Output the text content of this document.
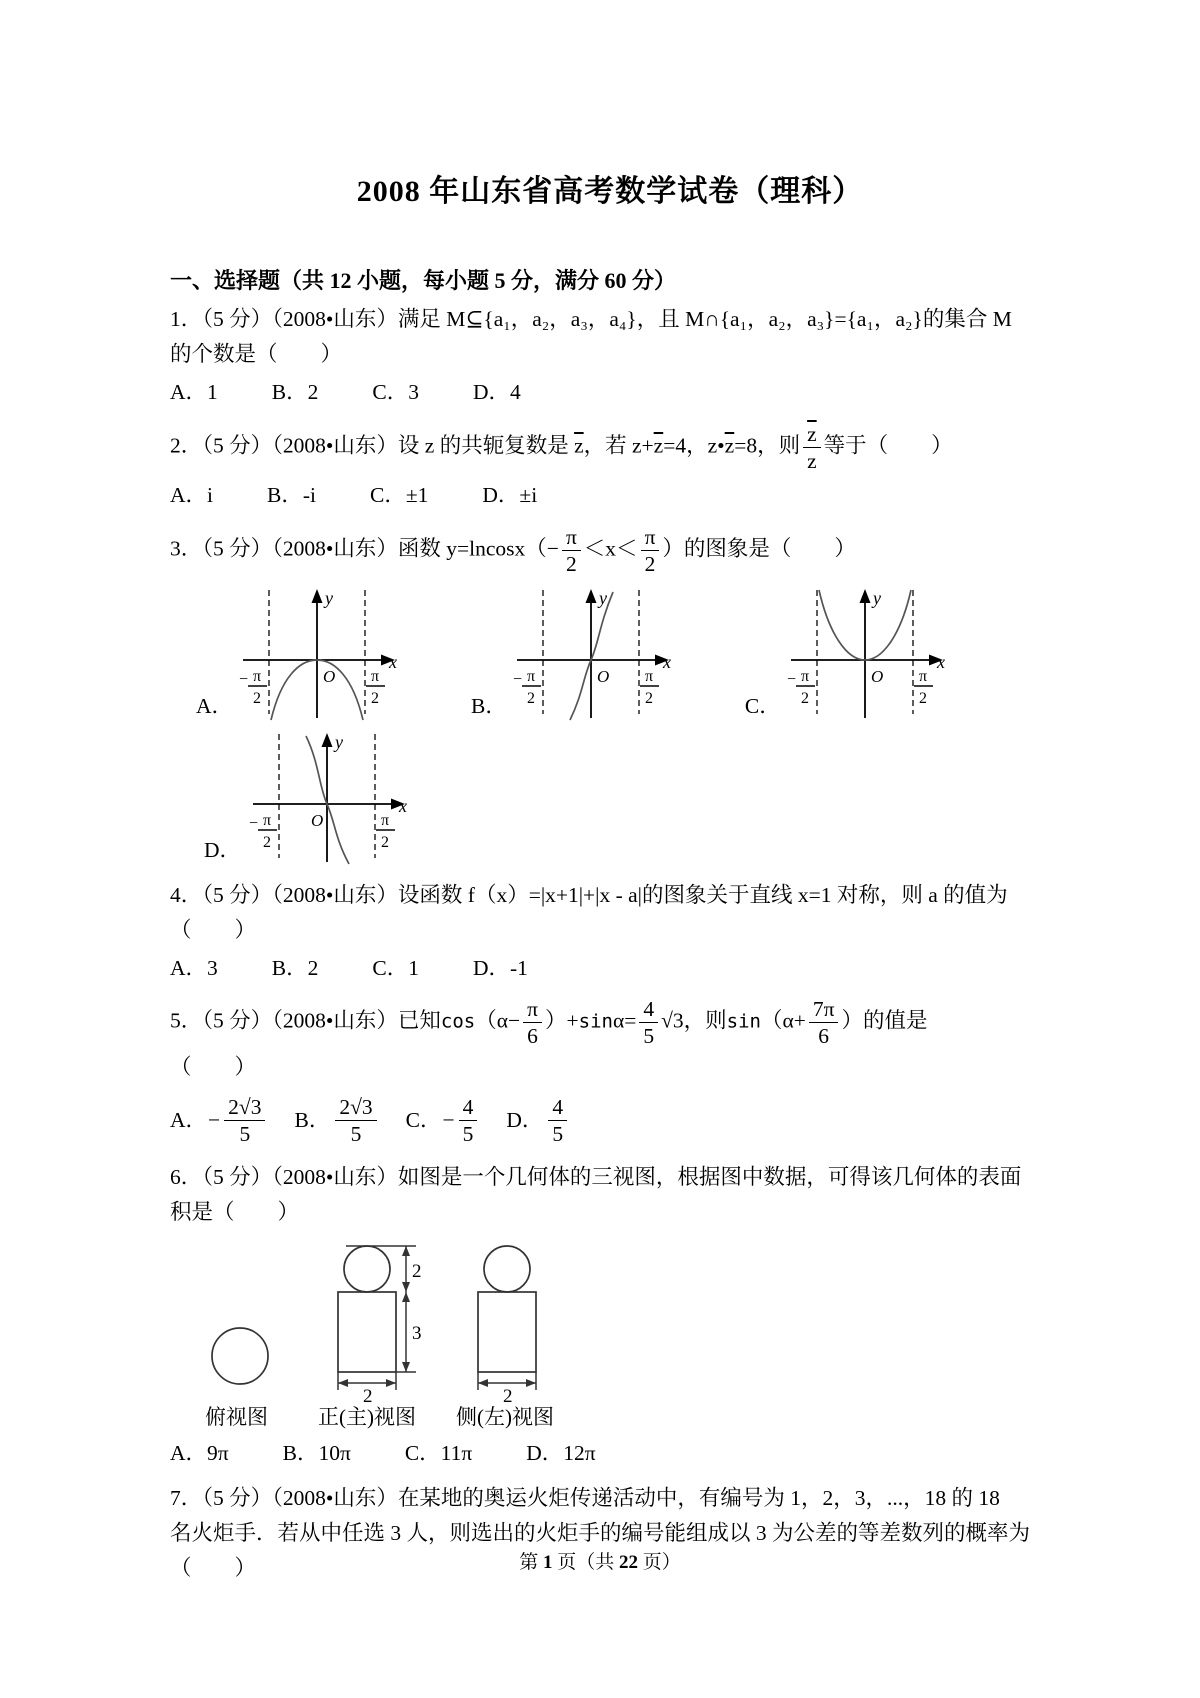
2008 年山东省高考数学试卷（理科）

一、选择题（共 12 小题，每小题 5 分，满分 60 分）

1．（5 分）（2008•山东）满足 M⊆{a₁，a₂，a₃，a₄}，且 M∩{a₁，a₂，a₃}={a₁，a₂}的集合 M

的个数是（　　）

A．1	B．2	C．3	D．4

2．（5 分）（2008•山东）设 z 的共轭复数是 $\overline{z}$，若 $z+\overline{z}=4$，$z•\overline{z}=8$，则 $\frac{\overline{z}}{z}$ 等于（　　）

A．i	B．-i	C．±1	D．±i

3．（5 分）（2008•山东）函数 $y=lncosx(- \frac{\pi}{2} <x< \frac{\pi}{2}$ ）的图象是（　　）

A．
y
x
O
− π
2
π
2	B．
y
x
O
− π
2
π
2	C．
y
x
O
− π
2
π
2
D．
y
x
O
− π
2
π
2

4．（5 分）（2008•山东）设函数 f（x）=|x+1|+|x - a|的图象关于直线 x=1 对称，则 a 的值为

（　　）

A．3	B．2	C．1	D．-1

5．（5 分）（2008•山东）已知$\cos(\alpha- \frac{\pi}{6} )+\sin\alpha= \frac{4}{5} √3$，则$\sin(\alpha+ \frac{7\pi}{6}$ ）的值是

（　　）

A． − $\frac{2√3}{5}$ B． $\frac{2√3}{5}$ C． − $\frac{4}{5}$ D． $\frac{4}{5}$

6．（5 分）（2008•山东）如图是一个几何体的三视图，根据图中数据，可得该几何体的表面

积是（　　）

2
3
2	2
俯视图 正(主)视图 侧(左)视图

A．9π	B．10π	C．11π	D．12π

7．（5 分）（2008•山东）在某地的奥运火炬传递活动中，有编号为 1，2，3，...，18 的 18

名火炬手．若从中任选 3 人，则选出的火炬手的编号能组成以 3 为公差的等差数列的概率为

（　　）	第 1 页（共 22 页）
